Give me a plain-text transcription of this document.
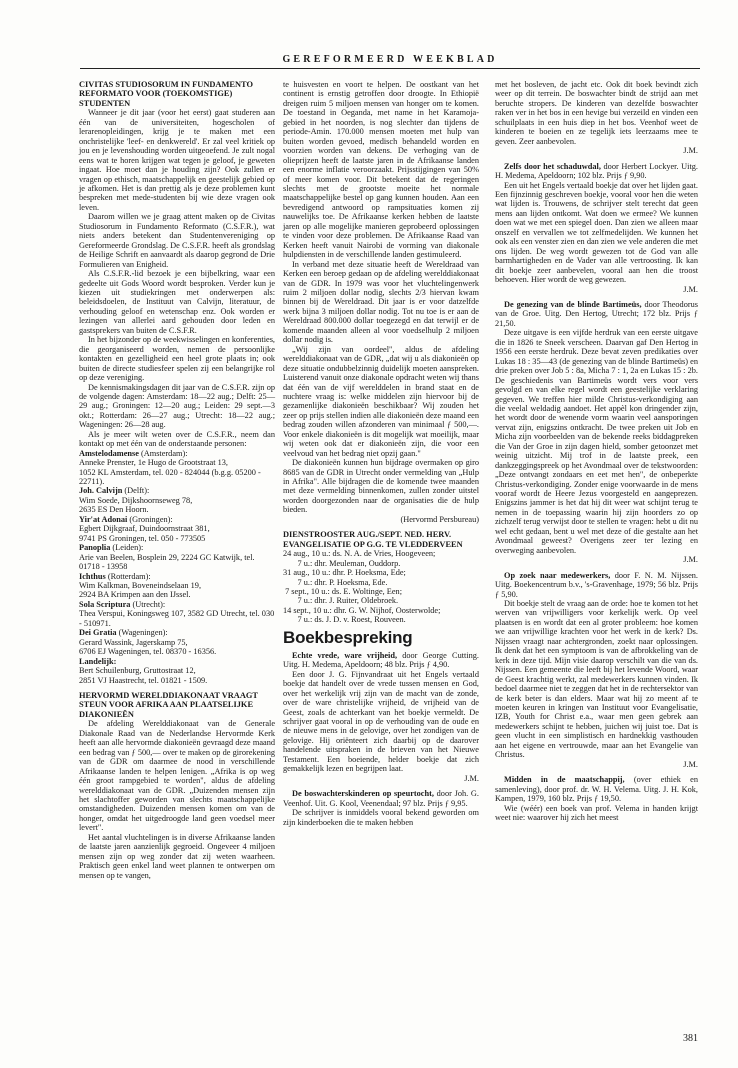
GEREFORMEERD WEEKBLAD

CIVITAS STUDIOSORUM IN FUNDAMENTO REFORMATO VOOR (TOEKOMSTIGE) STUDENTEN

Wanneer je dit jaar (voor het eerst) gaat studeren aan één van de universiteiten, hogescholen of lerarenopleidingen, krijg je te maken met een onchristelijke 'leef- en denkwereld'. Er zal veel kritiek op jou en je levenshouding worden uitgeoefend. Je zult nogal eens wat te horen krijgen wat tegen je geloof, je geweten ingaat. Hoe moet dan je houding zijn? Ook zullen er vragen op ethisch, maatschappelijk en geestelijk gebied op je afkomen. Het is dan prettig als je deze problemen kunt bespreken met mede-studenten bij wie deze vragen ook leven.

Daarom willen we je graag attent maken op de Civitas Studiosorum in Fundamento Reformato (C.S.F.R.), wat niets anders betekent dan Studentenvereniging op Gereformeerde Grondslag. De C.S.F.R. heeft als grondslag de Heilige Schrift en aanvaardt als daarop gegrond de Drie Formulieren van Enigheid.

Als C.S.F.R.-lid bezoek je een bijbelkring, waar een gedeelte uit Gods Woord wordt besproken. Verder kun je kiezen uit studiekringen met onderwerpen als: beleidsdoelen, de Instituut van Calvijn, literatuur, de verhouding geloof en wetenschap enz. Ook worden er lezingen van allerlei aard gehouden door leden en gastsprekers van buiten de C.S.F.R.

In het bijzonder op de weekwisselingen en konferenties, die georganiseerd worden, nemen de persoonlijke kontakten en gezelligheid een heel grote plaats in; ook buiten de directe studiesfeer spelen zij een belangrijke rol op deze vereniging.

De kennismakingsdagen dit jaar van de C.S.F.R. zijn op de volgende dagen: Amsterdam: 18—22 aug.; Delft: 25—29 aug.; Groningen: 12—20 aug.; Leiden: 29 sept.—3 okt.; Rotterdam: 26—27 aug.; Utrecht: 18—22 aug.; Wageningen: 26—28 aug.

Als je meer wilt weten over de C.S.F.R., neem dan kontakt op met één van de onderstaande personen:

Amstelodamense (Amsterdam):
Anneke Prenster, 1e Hugo de Grootstraat 13,
1052 KL Amsterdam, tel. 020 - 824044 (b.g.g. 05200 - 22711).

Joh. Calvijn (Delft):
Wim Soede, Dijkshoornseweg 78,
2635 ES Den Hoorn.

Yir'at Adonai (Groningen):
Egbert Dijkgraaf, Duindoornstraat 381,
9741 PS Groningen, tel. 050 - 773505

Panoplia (Leiden):
Arie van Beelen, Bosplein 29, 2224 GC Katwijk, tel. 01718 - 13958

Ichthus (Rotterdam):
Wim Kalkman, Boveneindselaan 19,
2924 BA Krimpen aan den IJssel.

Sola Scriptura (Utrecht):
Thea Verspui, Koningsweg 107, 3582 GD Utrecht, tel. 030 - 510971.

Dei Gratia (Wageningen):
Gerard Wassink, Jagerskamp 75,
6706 EJ Wageningen, tel. 08370 - 16356.

Landelijk:
Bert Schuilenburg, Gruttostraat 12,
2851 VJ Haastrecht, tel. 01821 - 1509.

HERVORMD WERELDDIAKONAAT VRAAGT STEUN VOOR AFRIKA AAN PLAATSELIJKE DIAKONIEËN

De afdeling Werelddiakonaat van de Generale Diakonale Raad van de Nederlandse Hervormde Kerk heeft aan alle hervormde diakonieën gevraagd deze maand een bedrag van ƒ 500,— over te maken op de girorekening van de GDR om daarmee de nood in verschillende Afrikaanse landen te helpen lenigen. „Afrika is op weg één groot rampgebied te worden", aldus de afdeling werelddiakonaat van de GDR. „Duizenden mensen zijn het slachtoffer geworden van slechts maatschappelijke omstandigheden. Duizenden mensen komen om van de honger, omdat het uitgedroogde land geen voedsel meer levert".

Het aantal vluchtelingen is in diverse Afrikaanse landen de laatste jaren aanzienlijk gegroeid. Ongeveer 4 miljoen mensen zijn op weg zonder dat zij weten waarheen. Praktisch geen enkel land weet plannen te ontwerpen om mensen op te vangen,

te huisvesten en voort te helpen. De oostkant van het continent is ernstig getroffen door droogte. In Ethiopië dreigen ruim 5 miljoen mensen van honger om te komen. De toestand in Oeganda, met name in het Karamoja-gebied in het noorden, is nog slechter dan tijdens de periode-Amin. 170.000 mensen moeten met hulp van buiten worden gevoed, medisch behandeld worden en voorzien worden van dekens. De verhoging van de olieprijzen heeft de laatste jaren in de Afrikaanse landen een enorme inflatie veroorzaakt. Prijsstijgingen van 50% of meer komen voor. Dit betekent dat de regeringen slechts met de grootste moeite het normale maatschappelijke bestel op gang kunnen houden. Aan een bevredigend antwoord op rampsituaties komen zij nauwelijks toe. De Afrikaanse kerken hebben de laatste jaren op alle mogelijke manieren geprobeerd oplossingen te vinden voor deze problemen. De Afrikaanse Raad van Kerken heeft vanuit Nairobi de vorming van diakonale hulpdiensten in de verschillende landen gestimuleerd.

In verband met deze situatie heeft de Wereldraad van Kerken een beroep gedaan op de afdeling werelddiakonaat van de GDR. In 1979 was voor het vluchtelingenwerk ruim 2 miljoen dollar nodig, slechts 2/3 hiervan kwam binnen bij de Wereldraad. Dit jaar is er voor datzelfde werk bijna 3 miljoen dollar nodig. Tot nu toe is er aan de Wereldraad 800.000 dollar toegezegd en dat terwijl er de komende maanden alleen al voor voedselhulp 2 miljoen dollar nodig is.

„Wij zijn van oordeel", aldus de afdeling werelddiakonaat van de GDR, „dat wij u als diakonieën op deze situatie ondubbelzinnig duidelijk moeten aanspreken. Luisterend vanuit onze diakonale opdracht weten wij thans dat één van de vijf werelddelen in brand staat en de nuchtere vraag is: welke middelen zijn hiervoor bij de gezamenlijke diakonieën beschikbaar? Wij zouden het zeer op prijs stellen indien alle diakonieën deze maand een bedrag zouden willen afzonderen van minimaal ƒ 500,—. Voor enkele diakonieën is dit mogelijk wat moeilijk, maar wij weten ook dat er diakonieën zijn, die voor een veelvoud van het bedrag niet opzij gaan."

De diakonieën kunnen hun bijdrage overmaken op giro 8685 van de GDR in Utrecht onder vermelding van „Hulp in Afrika". Alle bijdragen die de komende twee maanden met deze vermelding binnenkomen, zullen zonder uitstel worden doorgezonden naar de organisaties die de hulp bieden.

(Hervormd Persbureau)

DIENSTROOSTER AUG./SEPT. NED. HERV. EVANGELISATIE OP G.G. TE VLEDDERVEEN

24 aug., 10 u.: ds. N. A. de Vries, Hoogeveen;

7 u.: dhr. Meuleman, Ouddorp.

31 aug., 10 u.: dhr. P. Hoeksma, Ede;

7 u.: dhr. P. Hoeksma, Ede.

7 sept., 10 u.: ds. E. Woltinge, Een;

7 u.: dhr. J. Ruiter, Oldebroek.

14 sept., 10 u.: dhr. G. W. Nijhof, Oosterwolde;

7 u.: ds. J. D. v. Roest, Rouveen.

Boekbespreking

Echte vrede, ware vrijheid, door George Cutting. Uitg. H. Medema, Apeldoorn; 48 blz. Prijs ƒ 4,90.

Een door J. G. Fijnvandraat uit het Engels vertaald boekje dat handelt over de vrede tussen mensen en God, over het werkelijk vrij zijn van de macht van de zonde, over de ware christelijke vrijheid, de vrijheid van de Geest, zoals de achterkant van het boekje vermeldt. De schrijver gaat vooral in op de verhouding van de oude en de nieuwe mens in de gelovige, over het zondigen van de gelovige. Hij oriënteert zich daarbij op de daarover handelende uitspraken in de brieven van het Nieuwe Testament. Een boeiende, helder boekje dat zich gemakkelijk lezen en begrijpen laat.

J.M.

De boswachterskinderen op speurtocht, door Joh. G. Veenhof. Uit. G. Kool, Veenendaal; 97 blz. Prijs ƒ 9,95.

De schrijver is inmiddels vooral bekend geworden om zijn kinderboeken die te maken hebben

met het bosleven, de jacht etc. Ook dit boek bevindt zich weer op dit terrein. De boswachter bindt de strijd aan met beruchte stropers. De kinderen van dezelfde boswachter raken ver in het bos in een hevige bui verzeild en vinden een schuilplaats in een huis diep in het bos. Veenhof weet de kinderen te boeien en ze tegelijk iets leerzaams mee te geven. Zeer aanbevolen.

J.M.

Zelfs door het schaduwdal, door Herbert Lockyer. Uitg. H. Medema, Apeldoorn; 102 blz. Prijs ƒ 9,90.

Een uit het Engels vertaald boekje dat over het lijden gaat. Een fijnzinnig geschreven boekje, vooral voor hen die weten wat lijden is. Trouwens, de schrijver stelt terecht dat geen mens aan lijden ontkomt. Wat doen we ermee? We kunnen doen wat we met een spiegel doen. Dan zien we alleen maar onszelf en vervallen we tot zelfmedelijden. We kunnen het ook als een venster zien en dan zien we vele anderen die met ons lijden. De weg wordt gewezen tot de God van alle barmhartigheden en de Vader van alle vertroosting. Ik kan dit boekje zeer aanbevelen, vooral aan hen die troost behoeven. Hier wordt de weg gewezen.

J.M.

De genezing van de blinde Bartimeüs, door Theodorus van de Groe. Uitg. Den Hertog, Utrecht; 172 blz. Prijs ƒ 21,50.

Deze uitgave is een vijfde herdruk van een eerste uitgave die in 1826 te Sneek verscheen. Daarvan gaf Den Hertog in 1956 een eerste herdruk. Deze bevat zeven predikaties over Lukas 18 : 35—43 (de genezing van de blinde Bartimeüs) en drie preken over Job 5 : 8a, Micha 7 : 1, 2a en Lukas 15 : 2b. De geschiedenis van Bartimeüs wordt vers voor vers gevolgd en van elke regel wordt een geestelijke verklaring gegeven. We treffen hier milde Christus-verkondiging aan die veelal weldadig aandoet. Het appèl kon dringender zijn, het wordt door de wenende vorm waarin veel aansporingen vervat zijn, enigszins ontkracht. De twee preken uit Job en Micha zijn voorbeelden van de bekende reeks biddagpreken die Van der Groe in zijn dagen hield, somber getoonzet met weinig uitzicht. Mij trof in de laatste preek, een dankzeggingspreek op het Avondmaal over de tekstwoorden: „Deze ontvangt zondaars en eet met hen", de onbeperkte Christus-verkondiging. Zonder enige voorwaarde in de mens vooraf wordt de Heere Jezus voorgesteld en aangeprezen. Enigszins jammer is het dat hij dit weer wat schijnt terug te nemen in de toepassing waarin hij zijn hoorders zo op zichzelf terug verwijst door te stellen te vragen: hebt u dit nu wel echt gedaan, bent u wel met deze of die gestalte aan het Avondmaal geweest? Overigens zeer ter lezing en overweging aanbevolen.

J.M.

Op zoek naar medewerkers, door F. N. M. Nijssen. Uitg. Boekencentrum b.v., 's-Gravenhage, 1979; 56 blz. Prijs ƒ 5,90.

Dit boekje stelt de vraag aan de orde: hoe te komen tot het werven van vrijwilligers voor kerkelijk werk. Op veel plaatsen is en wordt dat een al groter probleem: hoe komen we aan vrijwillige krachten voor het werk in de kerk? Ds. Nijssen vraagt naar achtergronden, zoekt naar oplossingen. Ik denk dat het een symptoom is van de afbrokkeling van de kerk in deze tijd. Mijn visie daarop verschilt van die van ds. Nijssen. Een gemeente die leeft bij het levende Woord, waar de Geest krachtig werkt, zal medewerkers kunnen vinden. Ik bedoel daarmee niet te zeggen dat het in de rechtersektor van de kerk beter is dan elders. Maar wat hij zo meent af te moeten keuren in kringen van Instituut voor Evangelisatie, IZB, Youth for Christ e.a., waar men geen gebrek aan medewerkers schijnt te hebben, juichen wij juist toe. Dat is geen vlucht in een simplistisch en hardnekkig vasthouden aan het eigene en vertrouwde, maar aan het Evangelie van Christus.

J.M.

Midden in de maatschappij, (over ethiek en samenleving), door prof. dr. W. H. Velema. Uitg. J. H. Kok, Kampen, 1979, 160 blz. Prijs ƒ 19,50.

Wie (wéér) een boek van prof. Velema in handen krijgt weet nie: waarover hij zich het meest

381
